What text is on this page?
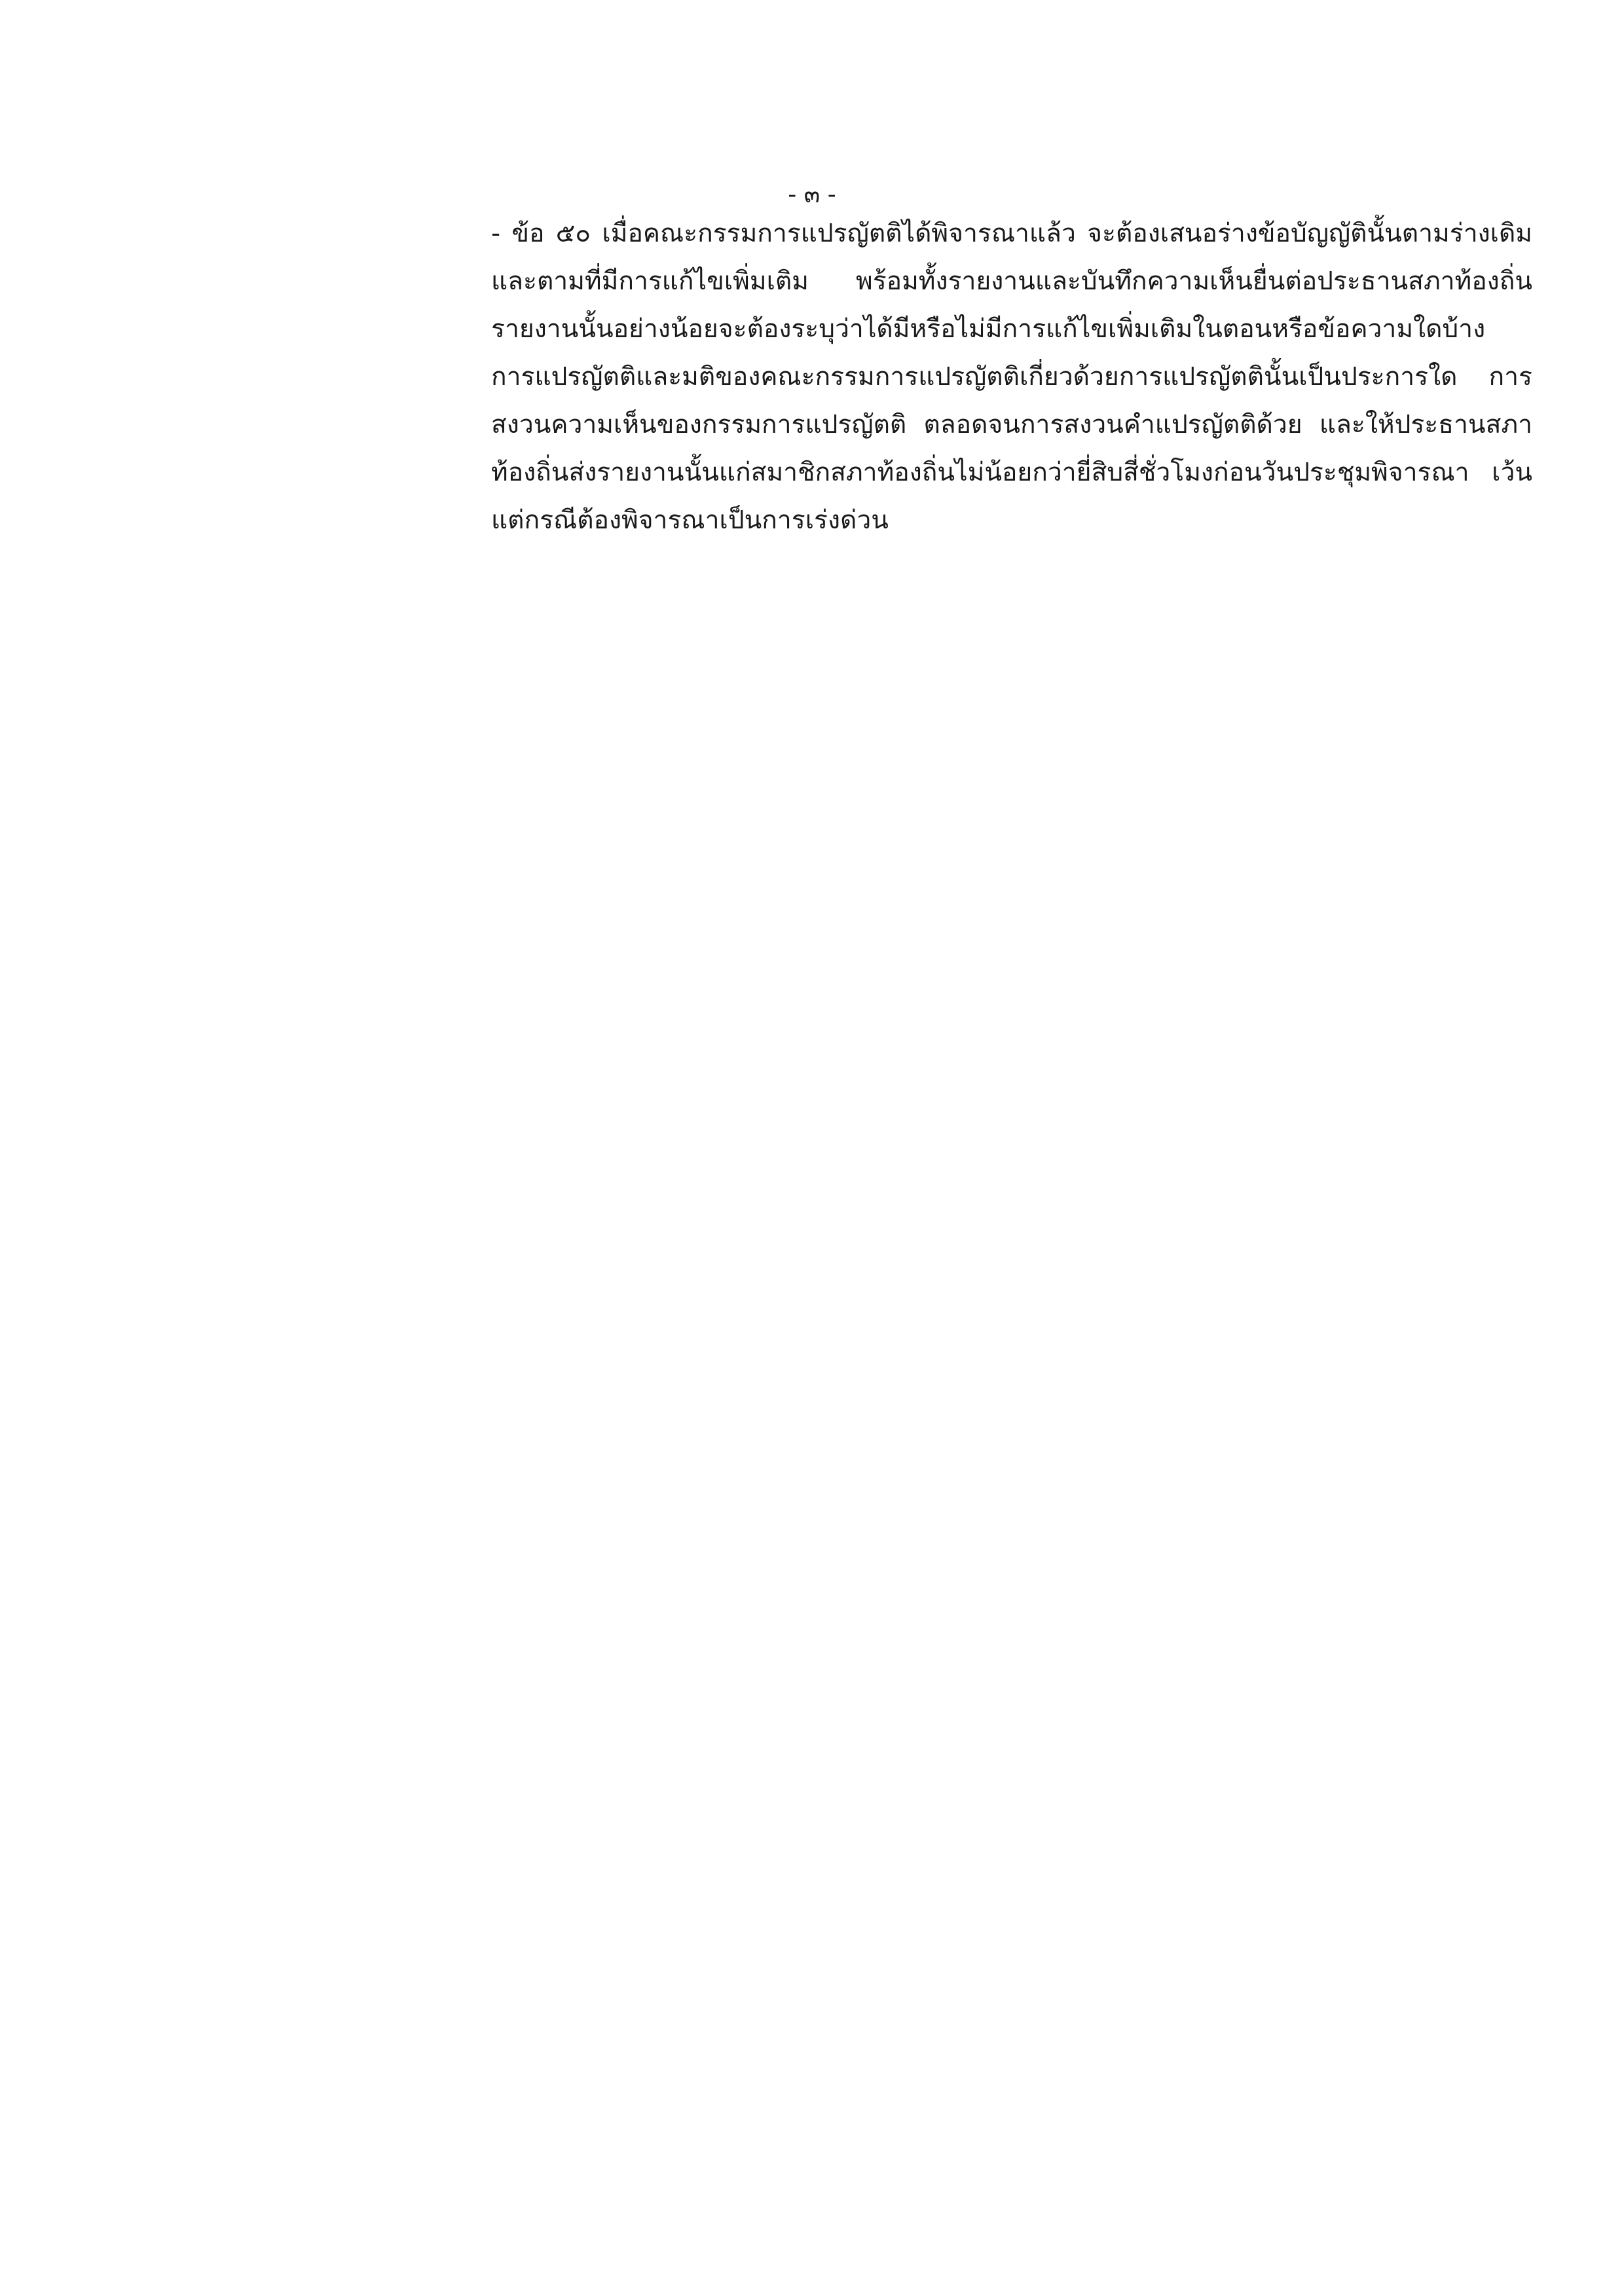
- ๓ -
- ข้อ ๕๐ เมื่อคณะกรรมการแปรญัตติได้พิจารณาแล้ว จะต้องเสนอร่างข้อบัญญัตินั้นตามร่างเดิมและตามที่มีการแก้ไขเพิ่มเติม พร้อมทั้งรายงานและบันทึกความเห็นยื่นต่อประธานสภาท้องถิ่น รายงานนั้นอย่างน้อยจะต้องระบุว่าได้มีหรือไม่มีการแก้ไขเพิ่มเติมในตอนหรือข้อความใดบ้าง การแปรญัตติและมติของคณะกรรมการแปรญัตติเกี่ยวด้วยการแปรญัตตินั้นเป็นประการใด การสงวนความเห็นของกรรมการแปรญัตติ ตลอดจนการสงวนคำแปรญัตติด้วย และให้ประธานสภาท้องถิ่นส่งรายงานนั้นแก่สมาชิกสภาท้องถิ่นไม่น้อยกว่ายี่สิบสี่ชั่วโมงก่อนวันประชุมพิจารณา เว้นแต่กรณีต้องพิจารณาเป็นการเร่งด่วน
